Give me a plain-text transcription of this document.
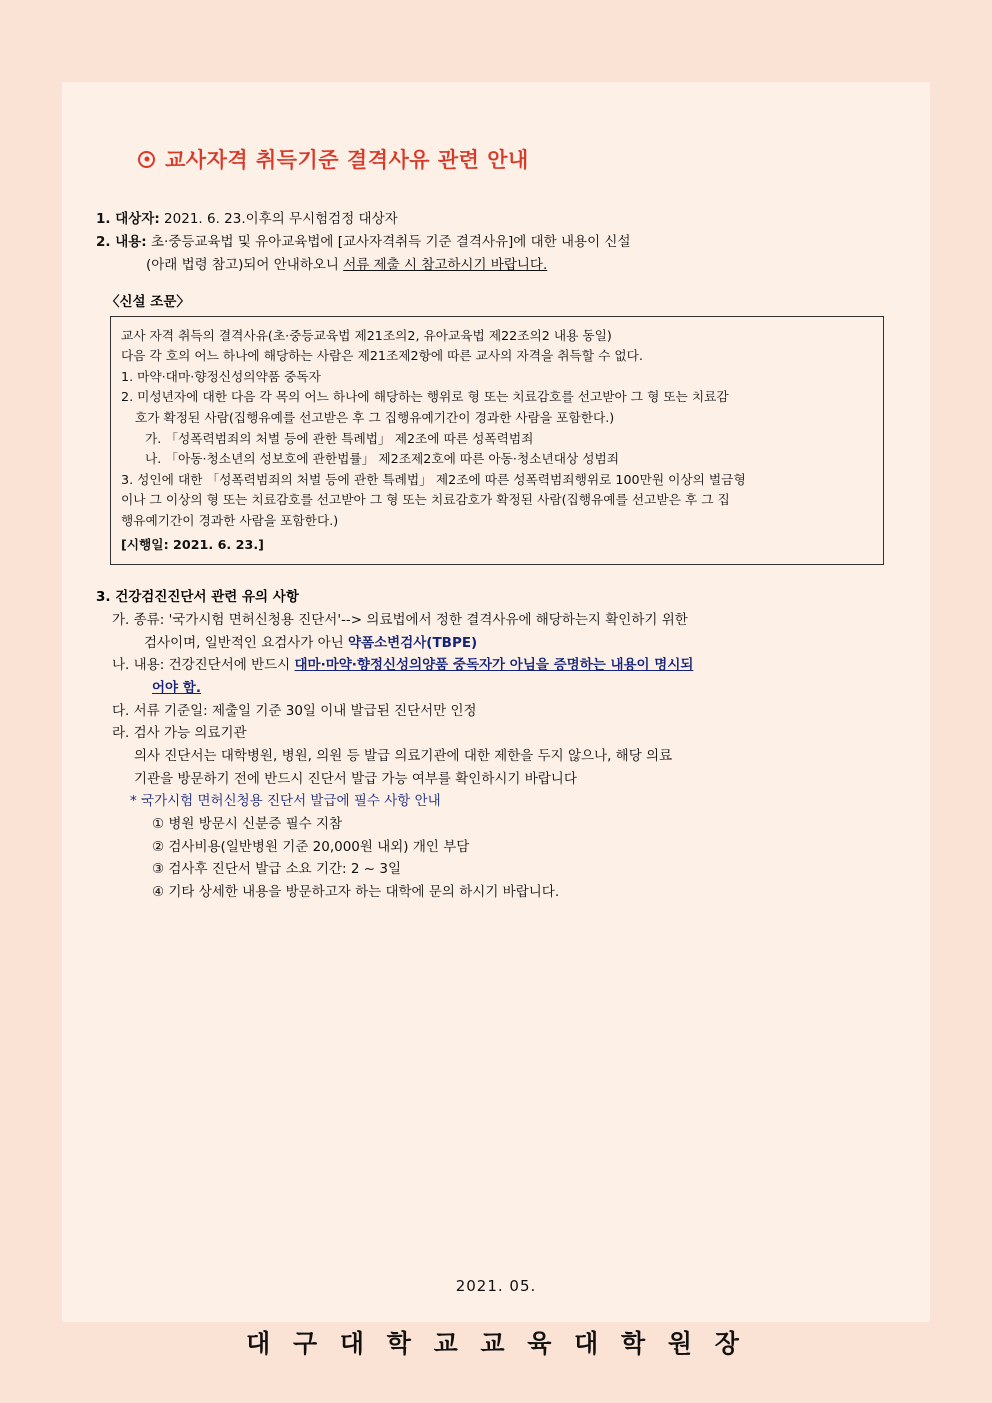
교사자격 취득기준 결격사유 관련 안내
1. 대상자: 2021. 6. 23.이후의 무시험검정 대상자
2. 내용: 초·중등교육법 및 유아교육법에 [교사자격취득 기준 결격사유]에 대한 내용이 신설
(아래 법령 참고)되어 안내하오니 서류 제출 시 참고하시기 바랍니다.
〈신설 조문〉
교사 자격 취득의 결격사유(초·중등교육법 제21조의2, 유아교육법 제22조의2 내용 동일)
다음 각 호의 어느 하나에 해당하는 사람은 제21조제2항에 따른 교사의 자격을 취득할 수 없다.
1. 마약·대마·향정신성의약품 중독자
2. 미성년자에 대한 다음 각 목의 어느 하나에 해당하는 행위로 형 또는 치료감호를 선고받아 그 형 또는 치료감
호가 확정된 사람(집행유예를 선고받은 후 그 집행유예기간이 경과한 사람을 포함한다.)
가. 「성폭력범죄의 처벌 등에 관한 특례법」 제2조에 따른 성폭력범죄
나. 「아동·청소년의 성보호에 관한법률」 제2조제2호에 따른 아동·청소년대상 성범죄
3. 성인에 대한 「성폭력범죄의 처벌 등에 관한 특례법」 제2조에 따른 성폭력범죄행위로 100만원 이상의 벌금형
이나 그 이상의 형 또는 치료감호를 선고받아 그 형 또는 치료감호가 확정된 사람(집행유예를 선고받은 후 그 집
행유예기간이 경과한 사람을 포함한다.)
[시행일: 2021. 6. 23.]
3. 건강검진진단서 관련 유의 사항
가. 종류: '국가시험 면허신청용 진단서'--> 의료법에서 정한 결격사유에 해당하는지 확인하기 위한
검사이며, 일반적인 요검사가 아닌 약폼소변검사(TBPE)
나. 내용: 건강진단서에 반드시 대마·마약·향정신성의양품 중독자가 아님을 증명하는 내용이 명시되
어야 함.
다. 서류 기준일: 제출일 기준 30일 이내 발급된 진단서만 인정
라. 검사 가능 의료기관
의사 진단서는 대학병원, 병원, 의원 등 발급 의료기관에 대한 제한을 두지 않으나, 해당 의료
기관을 방문하기 전에 반드시 진단서 발급 가능 여부를 확인하시기 바랍니다
* 국가시험 면허신청용 진단서 발급에 필수 사항 안내
① 병원 방문시 신분증 필수 지참
② 검사비용(일반병원 기준 20,000원 내외) 개인 부담
③ 검사후 진단서 발급 소요 기간: 2 ~ 3일
④ 기타 상세한 내용을 방문하고자 하는 대학에 문의 하시기 바랍니다.
2021. 05.
대 구 대 학 교 교 육 대 학 원 장
